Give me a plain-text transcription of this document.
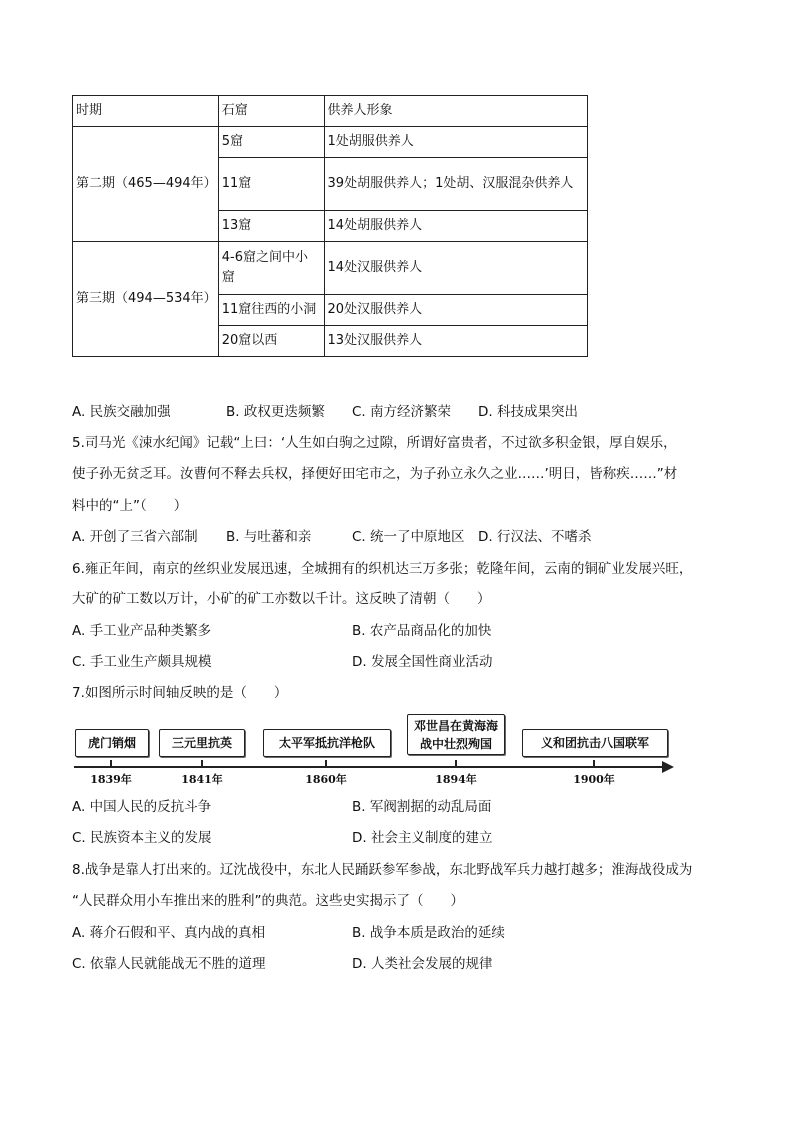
时期	石窟	供养人形象
第二期（465—494年）	5窟	1处胡服供养人
	11窟	39处胡服供养人；1处胡、汉服混杂供养人
	13窟	14处胡服供养人
第三期（494—534年）	4-6窟之间中小窟	14处汉服供养人
	11窟往西的小洞	20处汉服供养人
	20窟以西	13处汉服供养人
A. 民族交融加强	B. 政权更迭频繁 C. 南方经济繁荣 D. 科技成果突出
5.司马光《涑水纪闻》记载“上曰：‘人生如白驹之过隙，所谓好富贵者，不过欲多积金银，厚自娱乐，
使子孙无贫乏耳。汝曹何不释去兵权，择便好田宅市之，为子孙立永久之业……’明日，皆称疾……”材
料中的“上”（　　）
A. 开创了三省六部制 B. 与吐蕃和亲	C. 统一了中原地区 D. 行汉法、不嗜杀
6.雍正年间，南京的丝织业发展迅速，全城拥有的织机达三万多张；乾隆年间，云南的铜矿业发展兴旺，
大矿的矿工数以万计，小矿的矿工亦数以千计。这反映了清朝（　　）
A. 手工业产品种类繁多	B. 农产品商品化的加快
C. 手工业生产颇具规模	D. 发展全国性商业活动
7.如图所示时间轴反映的是（　　）
虎门销烟	三元里抗英	太平军抵抗洋枪队
邓世昌在黄海海战中壮烈殉国	义和团抗击八国联军
1839年	1841年	1860年	1894年	1900年
A. 中国人民的反抗斗争	B. 军阀割据的动乱局面
C. 民族资本主义的发展	D. 社会主义制度的建立
8.战争是靠人打出来的。辽沈战役中，东北人民踊跃参军参战，东北野战军兵力越打越多；淮海战役成为
“人民群众用小车推出来的胜利”的典范。这些史实揭示了（　　）
A. 蒋介石假和平、真内战的真相	B. 战争本质是政治的延续
C. 依靠人民就能战无不胜的道理	D. 人类社会发展的规律
